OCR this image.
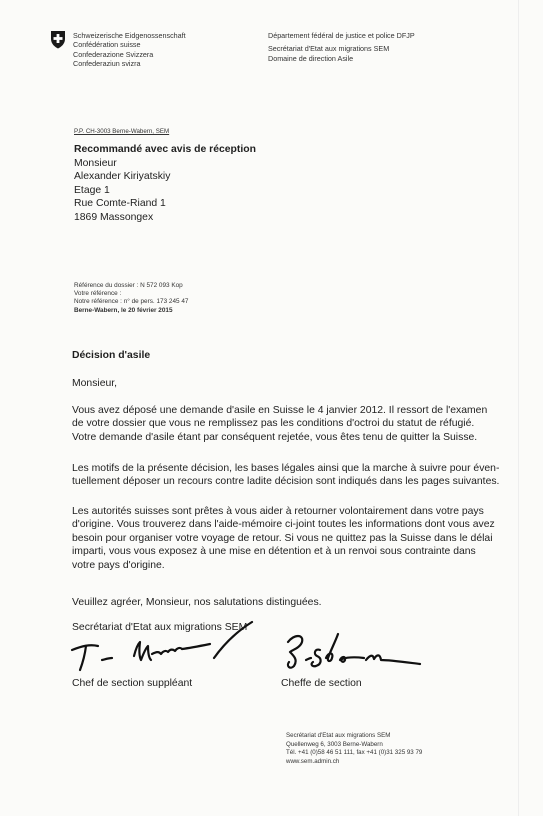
Schweizerische Eidgenossenschaft
Confédération suisse
Confederazione Svizzera
Confederaziun svizra
Département fédéral de justice et police DFJP
Secrétariat d'Etat aux migrations SEM
Domaine de direction Asile
P.P. CH-3003 Berne-Wabern, SEM
Recommandé avec avis de réception
Monsieur
Alexander Kiriyatskiy
Etage 1
Rue Comte-Riand 1
1869 Massongex
Référence du dossier : N 572 093 Kop
Votre référence :
Notre référence : n° de pers. 173 245 47
Berne-Wabern, le 20 février 2015
Décision d'asile
Monsieur,
Vous avez déposé une demande d'asile en Suisse le 4 janvier 2012. Il ressort de l'examen
de votre dossier que vous ne remplissez pas les conditions d'octroi du statut de réfugié.
Votre demande d'asile étant par conséquent rejetée, vous êtes tenu de quitter la Suisse.
Les motifs de la présente décision, les bases légales ainsi que la marche à suivre pour éven-
tuellement déposer un recours contre ladite décision sont indiqués dans les pages suivantes.
Les autorités suisses sont prêtes à vous aider à retourner volontairement dans votre pays
d'origine. Vous trouverez dans l'aide-mémoire ci-joint toutes les informations dont vous avez
besoin pour organiser votre voyage de retour. Si vous ne quittez pas la Suisse dans le délai
imparti, vous vous exposez à une mise en détention et à un renvoi sous contrainte dans
votre pays d'origine.
Veuillez agréer, Monsieur, nos salutations distinguées.
Secrétariat d'Etat aux migrations SEM
Chef de section suppléant	Cheffe de section
Secrétariat d'Etat aux migrations SEM
Quellenweg 6, 3003 Berne-Wabern
Tél. +41 (0)58 46 51 111, fax +41 (0)31 325 93 79
www.sem.admin.ch
